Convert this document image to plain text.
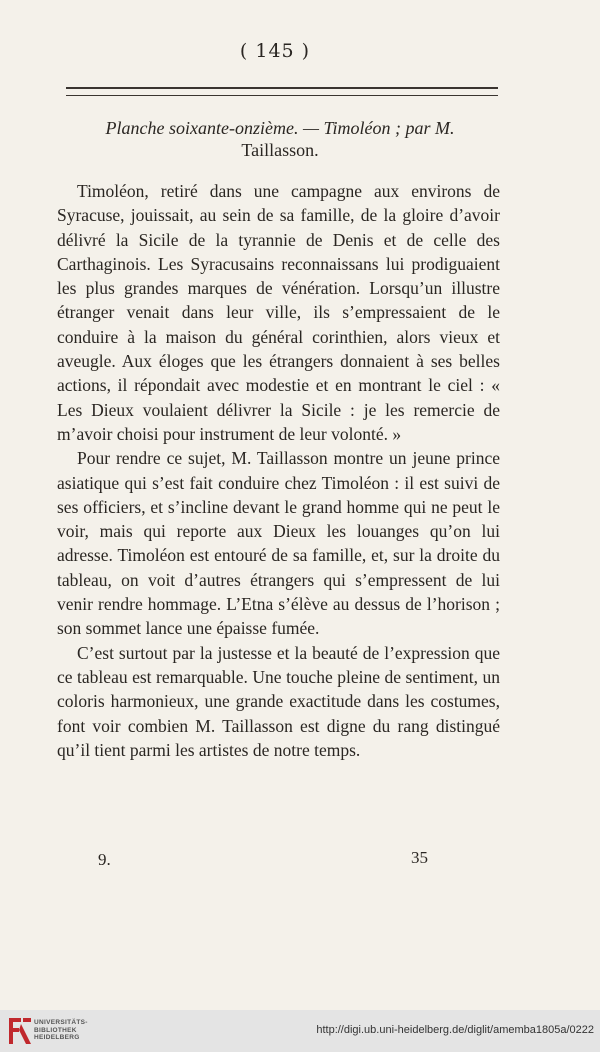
( 145 )
Planche soixante-onzième. — Timoléon ; par M.
Taillasson.

Timoléon, retiré dans une campagne aux environs de Syracuse, jouissait, au sein de sa famille, de la gloire d’avoir délivré la Sicile de la tyrannie de Denis et de celle des Carthaginois. Les Syracusains reconnaissans lui prodiguaient les plus grandes marques de vénération. Lorsqu’un illustre étranger venait dans leur ville, ils s’empressaient de le conduire à la maison du général corinthien, alors vieux et aveugle. Aux éloges que les étrangers donnaient à ses belles actions, il répondait avec modestie et en montrant le ciel : « Les Dieux voulaient délivrer la Sicile : je les remercie de m’avoir choisi pour instrument de leur volonté. »

Pour rendre ce sujet, M. Taillasson montre un jeune prince asiatique qui s’est fait conduire chez Timoléon : il est suivi de ses officiers, et s’incline devant le grand homme qui ne peut le voir, mais qui reporte aux Dieux les louanges qu’on lui adresse. Timoléon est entouré de sa famille, et, sur la droite du tableau, on voit d’autres étrangers qui s’empressent de lui venir rendre hommage. L’Etna s’élève au dessus de l’horison ; son sommet lance une épaisse fumée.

C’est surtout par la justesse et la beauté de l’expression que ce tableau est remarquable. Une touche pleine de sentiment, un coloris harmonieux, une grande exactitude dans les costumes, font voir combien M. Taillasson est digne du rang distingué qu’il tient parmi les artistes de notre temps.

9.	35
UNIVERSITÄTS-
BIBLIOTHEK
HEIDELBERG
http://digi.ub.uni-heidelberg.de/diglit/amemba1805a/0222
